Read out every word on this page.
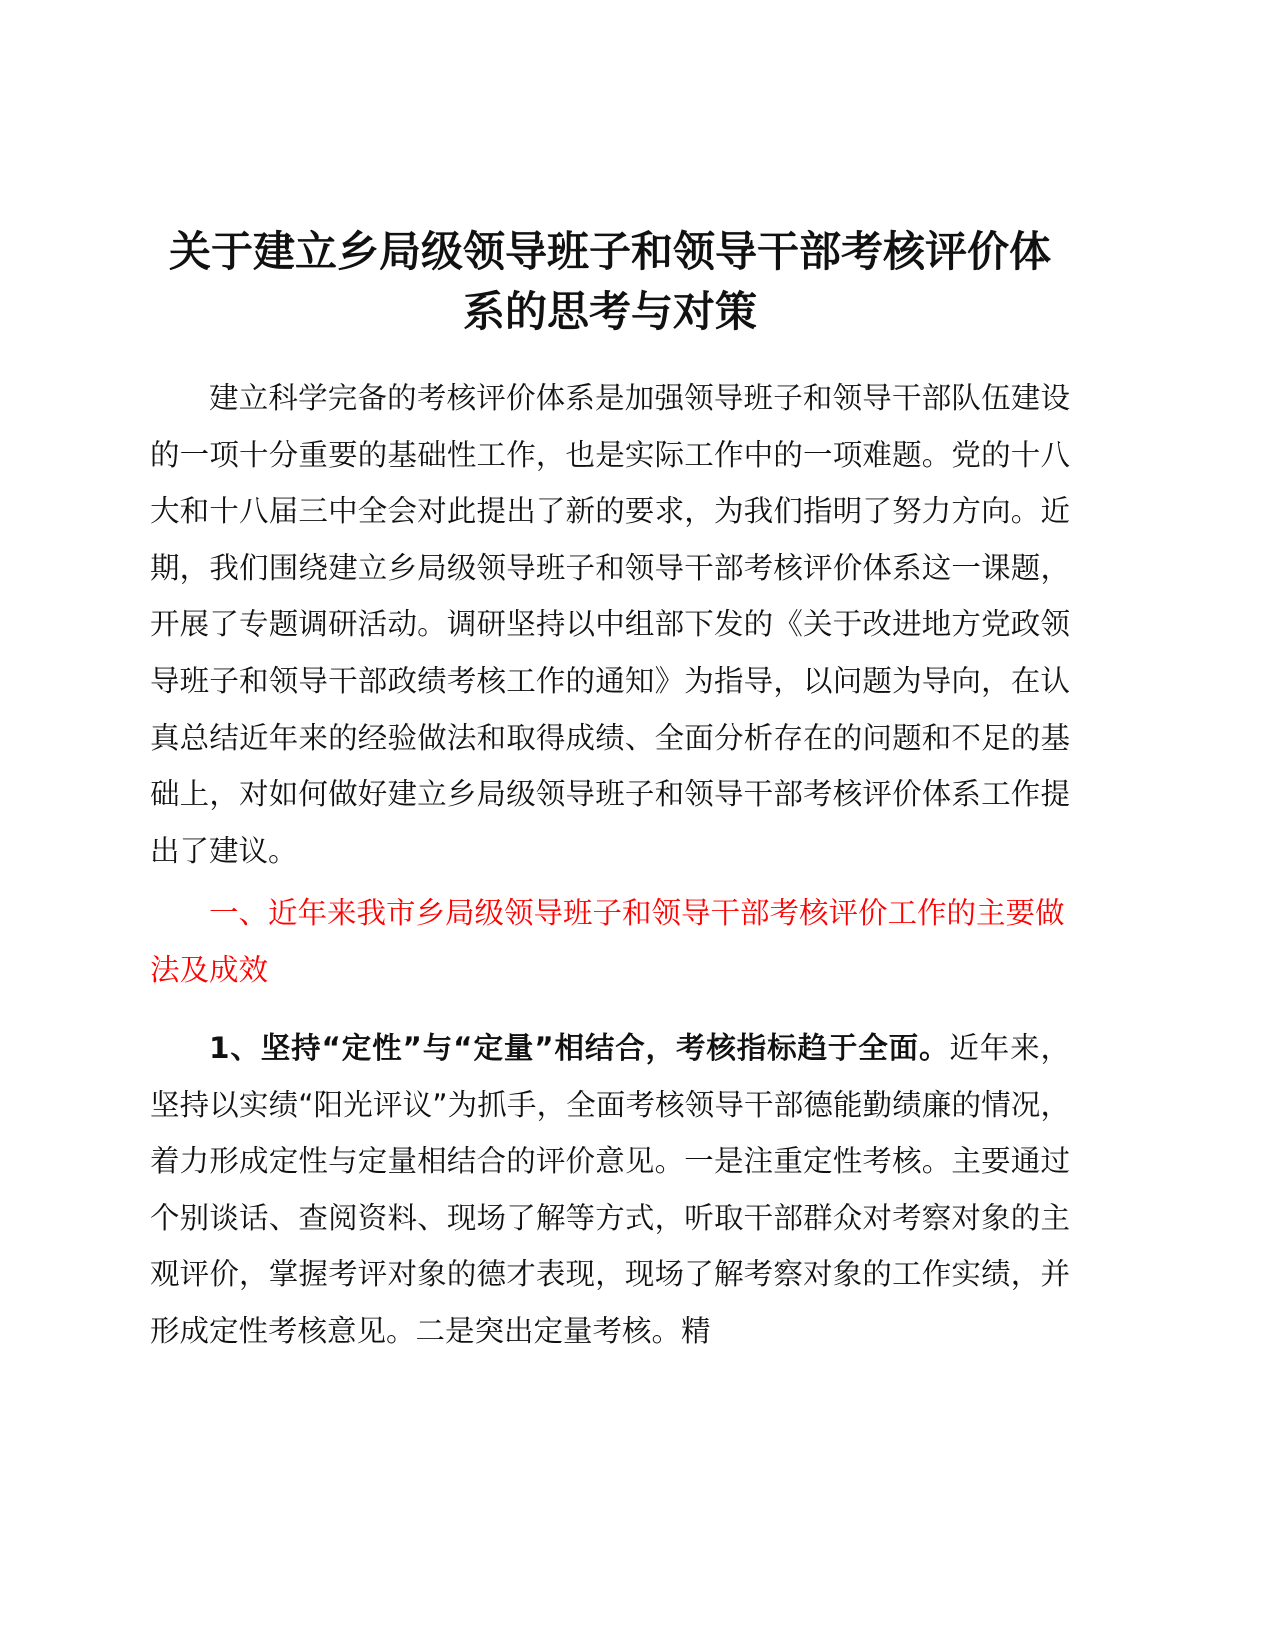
关于建立乡局级领导班子和领导干部考核评价体系的思考与对策

建立科学完备的考核评价体系是加强领导班子和领导干部队伍建设的一项十分重要的基础性工作，也是实际工作中的一项难题。党的十八大和十八届三中全会对此提出了新的要求，为我们指明了努力方向。近期，我们围绕建立乡局级领导班子和领导干部考核评价体系这一课题，开展了专题调研活动。调研坚持以中组部下发的《关于改进地方党政领导班子和领导干部政绩考核工作的通知》为指导，以问题为导向，在认真总结近年来的经验做法和取得成绩、全面分析存在的问题和不足的基础上，对如何做好建立乡局级领导班子和领导干部考核评价体系工作提出了建议。

一、近年来我市乡局级领导班子和领导干部考核评价工作的主要做法及成效

1、坚持“定性”与“定量”相结合，考核指标趋于全面。近年来，坚持以实绩“阳光评议”为抓手，全面考核领导干部德能勤绩廉的情况，着力形成定性与定量相结合的评价意见。一是注重定性考核。主要通过个别谈话、查阅资料、现场了解等方式，听取干部群众对考察对象的主观评价，掌握考评对象的德才表现，现场了解考察对象的工作实绩，并形成定性考核意见。二是突出定量考核。精
